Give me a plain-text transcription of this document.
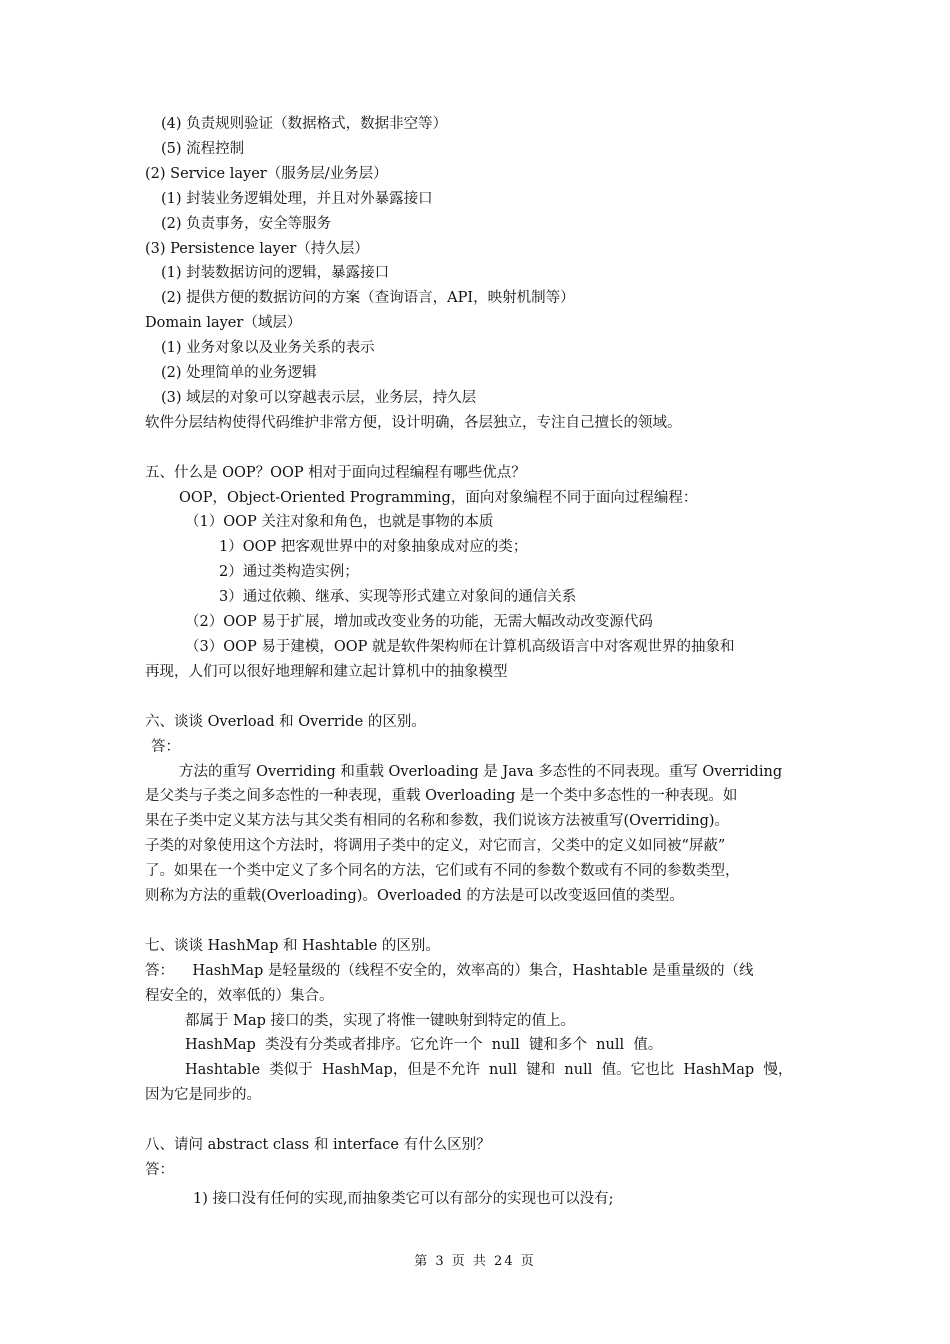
(4) 负责规则验证（数据格式，数据非空等）
(5) 流程控制
(2) Service layer（服务层/业务层）
(1) 封装业务逻辑处理，并且对外暴露接口
(2) 负责事务，安全等服务
(3) Persistence layer（持久层）
(1) 封装数据访问的逻辑，暴露接口
(2) 提供方便的数据访问的方案（查询语言，API，映射机制等）
Domain layer（域层）
(1) 业务对象以及业务关系的表示
(2) 处理简单的业务逻辑
(3) 域层的对象可以穿越表示层，业务层，持久层
软件分层结构使得代码维护非常方便，设计明确，各层独立，专注自己擅长的领域。
五、什么是 OOP？OOP 相对于面向过程编程有哪些优点？
OOP，Object-Oriented Programming，面向对象编程不同于面向过程编程：
（1）OOP 关注对象和角色，也就是事物的本质
1）OOP 把客观世界中的对象抽象成对应的类；
2）通过类构造实例；
3）通过依赖、继承、实现等形式建立对象间的通信关系
（2）OOP 易于扩展，增加或改变业务的功能，无需大幅改动改变源代码
（3）OOP 易于建模，OOP 就是软件架构师在计算机高级语言中对客观世界的抽象和
再现，人们可以很好地理解和建立起计算机中的抽象模型
六、谈谈 Overload 和 Override 的区别。
答：
方法的重写 Overriding 和重载 Overloading 是 Java 多态性的不同表现。重写 Overriding
是父类与子类之间多态性的一种表现，重载 Overloading 是一个类中多态性的一种表现。如
果在子类中定义某方法与其父类有相同的名称和参数，我们说该方法被重写(Overriding)。
子类的对象使用这个方法时，将调用子类中的定义，对它而言，父类中的定义如同被“屏蔽”
了。如果在一个类中定义了多个同名的方法，它们或有不同的参数个数或有不同的参数类型，
则称为方法的重载(Overloading)。Overloaded 的方法是可以改变返回值的类型。
七、谈谈 HashMap 和 Hashtable 的区别。
答：    HashMap 是轻量级的（线程不安全的，效率高的）集合，Hashtable 是重量级的（线
程安全的，效率低的）集合。
都属于 Map 接口的类，实现了将惟一键映射到特定的值上。
HashMap  类没有分类或者排序。它允许一个  null  键和多个  null  值。
Hashtable  类似于  HashMap，但是不允许  null  键和  null  值。它也比  HashMap  慢，
因为它是同步的。
八、请问 abstract class 和 interface 有什么区别？
答：
1) 接口没有任何的实现,而抽象类它可以有部分的实现也可以没有;
第 3 页 共 24 页
